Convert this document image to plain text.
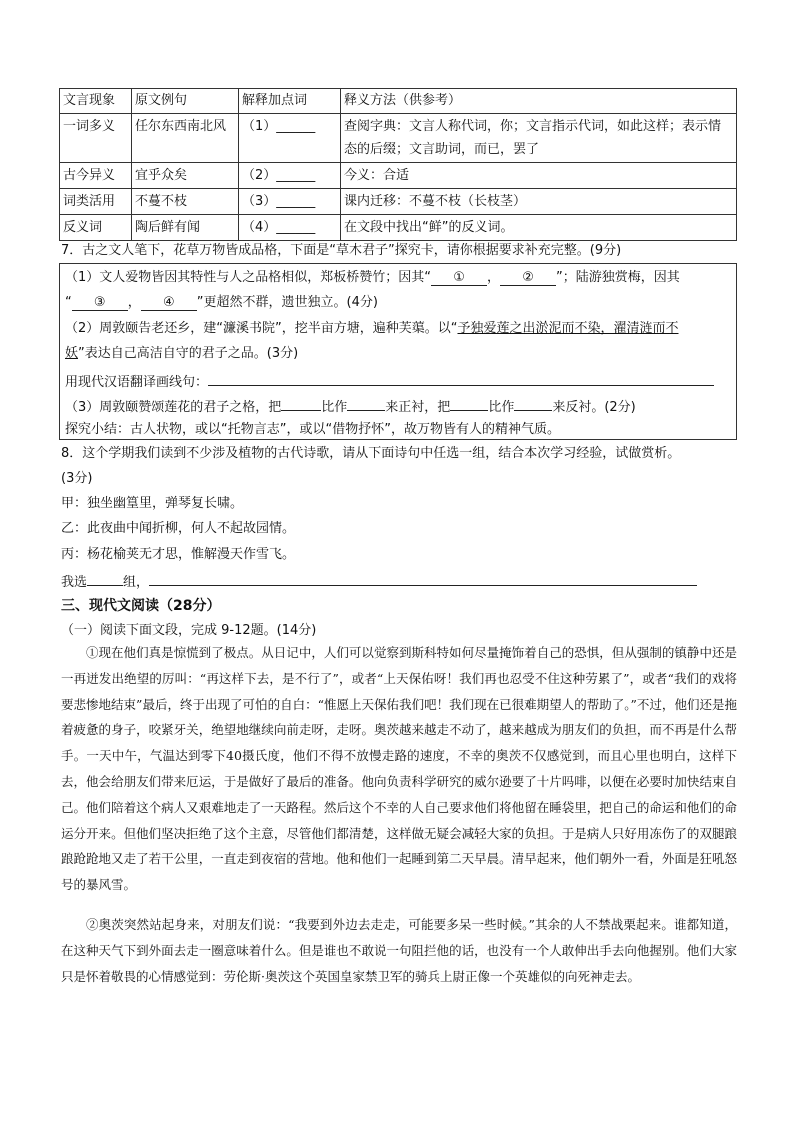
文言现象	原文例句	解释加点词	释义方法（供参考）
一词多义	任尔东西南北风	（1）______	查阅字典：文言人称代词，你；文言指示代词，如此这样；表示情态的后缀；文言助词，而已，罢了
古今异义	宜乎众矣	（2）______	今义：合适
词类活用	不蔓不枝	（3）______	课内迁移：不蔓不枝（长枝茎）
反义词	陶后鲜有闻	（4）______	在文段中找出“鲜”的反义词。
7．古之文人笔下，花草万物皆成品格，下面是“草木君子”探究卡，请你根据要求补充完整。(9分)
（1）文人爱物皆因其特性与人之品格相似，郑板桥赞竹；因其“ ① ， ② ”；陆游独赏梅，因其
“ ③ ， ④ ”更超然不群，遗世独立。(4分)
（2）周敦颐告老还乡，建“濂溪书院”，挖半亩方塘，遍种芙蕖。以“予独爱莲之出淤泥而不染，濯清涟而不
妖”表达自己高洁自守的君子之品。(3分)
用现代汉语翻译画线句：
（3）周敦颐赞颂莲花的君子之格，把	比作	来正衬，把	比作	来反衬。(2分)
探究小结：古人状物，或以“托物言志”，或以“借物抒怀”，故万物皆有人的精神气质。
8．这个学期我们读到不少涉及植物的古代诗歌，请从下面诗句中任选一组，结合本次学习经验，试做赏析。
(3分)
甲：独坐幽篁里，弹琴复长啸。
乙：此夜曲中闻折柳，何人不起故园情。
丙：杨花榆荚无才思，惟解漫天作雪飞。
我选	组，
三、现代文阅读（28分）
（一）阅读下面文段，完成 9-12题。(14分)

①现在他们真是惊慌到了极点。从日记中，人们可以觉察到斯科特如何尽量掩饰着自己的恐惧，但从强制的镇静中还是一再迸发出绝望的厉叫：“再这样下去，是不行了”，或者“上天保佑呀！我们再也忍受不住这种劳累了”，或者“我们的戏将要悲惨地结束”最后，终于出现了可怕的自白：“惟愿上天保佑我们吧！我们现在已很难期望人的帮助了。”不过，他们还是拖着疲惫的身子，咬紧牙关，绝望地继续向前走呀，走呀。奥茨越来越走不动了，越来越成为朋友们的负担，而不再是什么帮手。一天中午，气温达到零下40摄氏度，他们不得不放慢走路的速度，不幸的奥茨不仅感觉到，而且心里也明白，这样下去，他会给朋友们带来厄运，于是做好了最后的准备。他向负责科学研究的威尔逊要了十片吗啡，以便在必要时加快结束自己。他们陪着这个病人又艰难地走了一天路程。然后这个不幸的人自己要求他们将他留在睡袋里，把自己的命运和他们的命运分开来。但他们坚决拒绝了这个主意，尽管他们都清楚，这样做无疑会减轻大家的负担。于是病人只好用冻伤了的双腿踉踉跄跄地又走了若干公里，一直走到夜宿的营地。他和他们一起睡到第二天早晨。清早起来，他们朝外一看，外面是狂吼怒号的暴风雪。

②奥茨突然站起身来，对朋友们说：“我要到外边去走走，可能要多呆一些时候。”其余的人不禁战栗起来。谁都知道，在这种天气下到外面去走一圈意味着什么。但是谁也不敢说一句阻拦他的话，也没有一个人敢伸出手去向他握别。他们大家只是怀着敬畏的心情感觉到：劳伦斯·奥茨这个英国皇家禁卫军的骑兵上尉正像一个英雄似的向死神走去。
